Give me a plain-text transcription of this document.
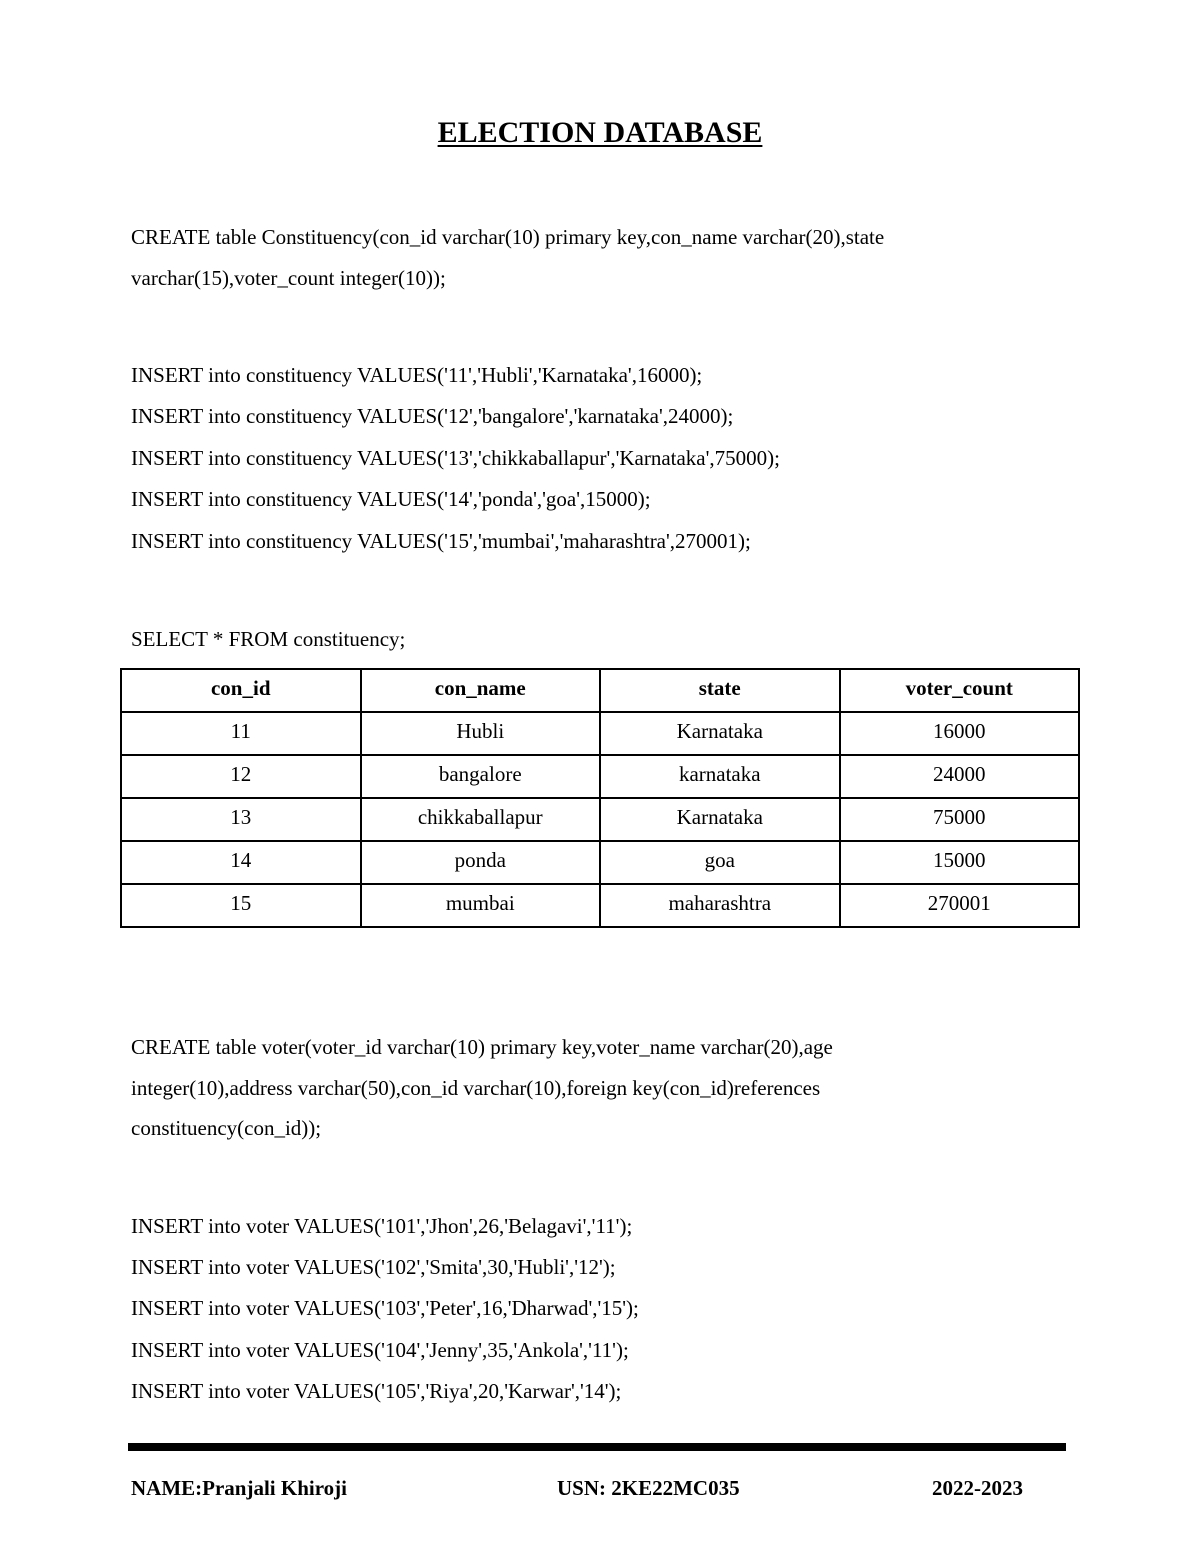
ELECTION DATABASE
CREATE table Constituency(con_id varchar(10) primary key,con_name varchar(20),state
varchar(15),voter_count integer(10));
INSERT into constituency VALUES('11','Hubli','Karnataka',16000);
INSERT into constituency VALUES('12','bangalore','karnataka',24000);
INSERT into constituency VALUES('13','chikkaballapur','Karnataka',75000);
INSERT into constituency VALUES('14','ponda','goa',15000);
INSERT into constituency VALUES('15','mumbai','maharashtra',270001);
SELECT * FROM constituency;
con_id	con_name	state	voter_count
11	Hubli	Karnataka	16000
12	bangalore	karnataka	24000
13	chikkaballapur	Karnataka	75000
14	ponda	goa	15000
15	mumbai	maharashtra	270001
CREATE table voter(voter_id varchar(10) primary key,voter_name varchar(20),age
integer(10),address varchar(50),con_id varchar(10),foreign key(con_id)references
constituency(con_id));
INSERT into voter VALUES('101','Jhon',26,'Belagavi','11');
INSERT into voter VALUES('102','Smita',30,'Hubli','12');
INSERT into voter VALUES('103','Peter',16,'Dharwad','15');
INSERT into voter VALUES('104','Jenny',35,'Ankola','11');
INSERT into voter VALUES('105','Riya',20,'Karwar','14');
NAME:Pranjali Khiroji	USN: 2KE22MC035	2022-2023
